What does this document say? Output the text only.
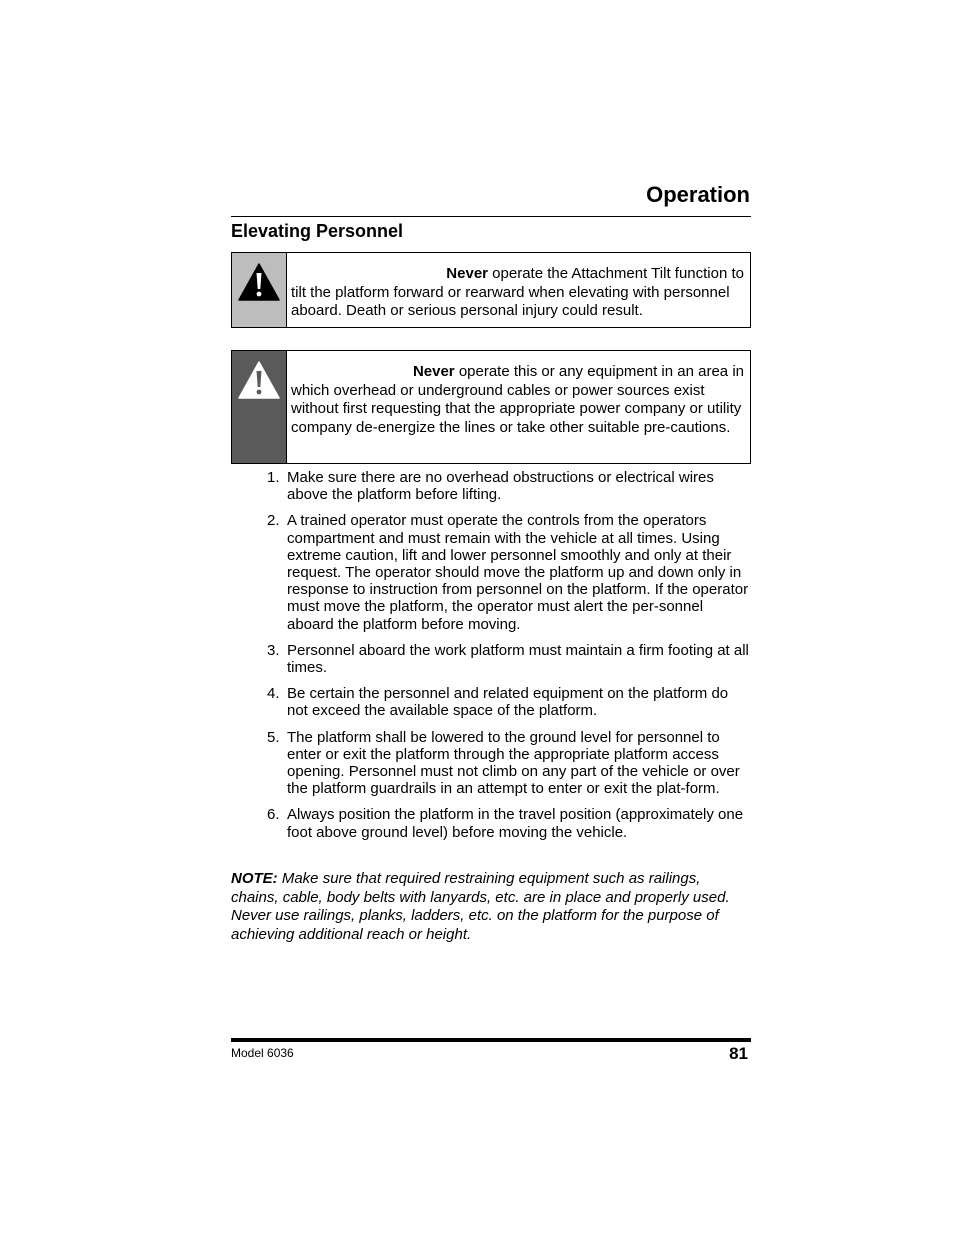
Operation
Elevating Personnel
Never operate the Attachment Tilt function to
tilt the platform forward or rearward when elevating with personnel aboard. Death or serious personal injury could result.
Never operate this or any equipment in an area in
which overhead or underground cables or power sources exist without first requesting that the appropriate power company or utility company de-energize the lines or take other suitable pre-cautions.
1. Make sure there are no overhead obstructions or electrical wires above the platform before lifting.
2. A trained operator must operate the controls from the operators compartment and must remain with the vehicle at all times. Using extreme caution, lift and lower personnel smoothly and only at their request. The operator should move the platform up and down only in response to instruction from personnel on the platform. If the operator must move the platform, the operator must alert the per-sonnel aboard the platform before moving.
3. Personnel aboard the work platform must maintain a firm footing at all times.
4. Be certain the personnel and related equipment on the platform do not exceed the available space of the platform.
5. The platform shall be lowered to the ground level for personnel to enter or exit the platform through the appropriate platform access opening. Personnel must not climb on any part of the vehicle or over the platform guardrails in an attempt to enter or exit the plat-form.
6. Always position the platform in the travel position (approximately one foot above ground level) before moving the vehicle.

NOTE: Make sure that required restraining equipment such as railings, chains, cable, body belts with lanyards, etc. are in place and properly used. Never use railings, planks, ladders, etc. on the platform for the purpose of achieving additional reach or height.

Model 6036	81
